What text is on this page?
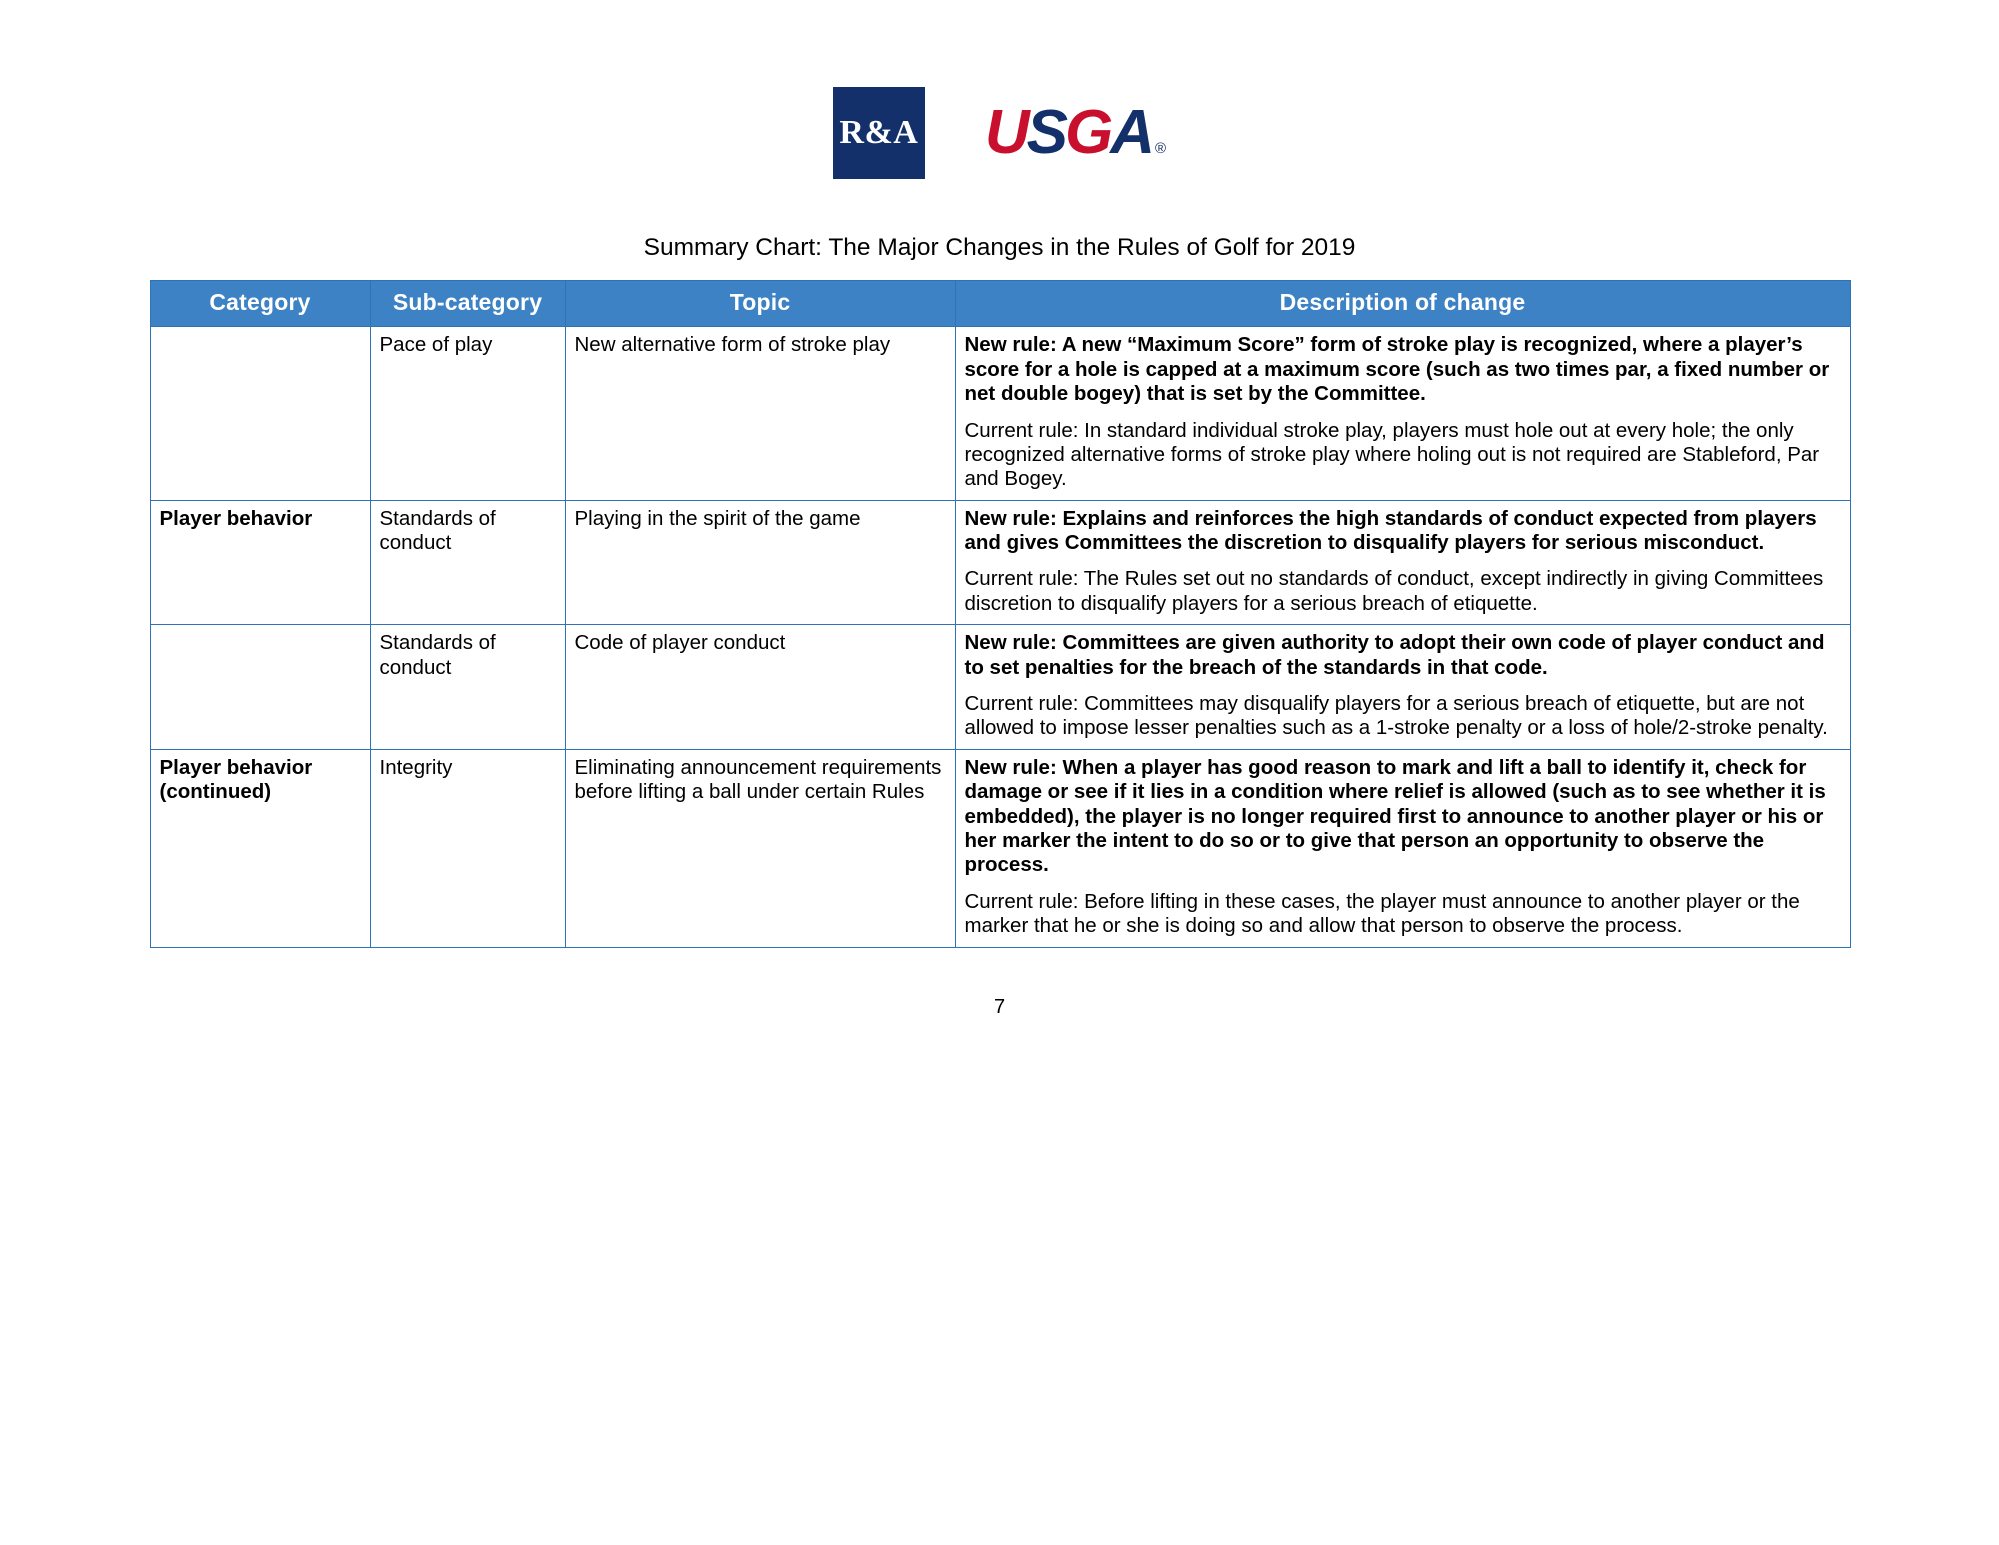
R&A U S G A ®
Summary Chart: The Major Changes in the Rules of Golf for 2019
Category	Sub-category	Topic	Description of change
	Pace of play	New alternative form of stroke play	New rule: A new “Maximum Score” form of stroke play is recognized, where a player’s score for a hole is capped at a maximum score (such as two times par, a fixed number or net double bogey) that is set by the Committee.

Current rule: In standard individual stroke play, players must hole out at every hole; the only recognized alternative forms of stroke play where holing out is not required are Stableford, Par and Bogey.

Player behavior	Standards of conduct	Playing in the spirit of the game	New rule: Explains and reinforces the high standards of conduct expected from players and gives Committees the discretion to disqualify players for serious misconduct.

Current rule: The Rules set out no standards of conduct, except indirectly in giving Committees discretion to disqualify players for a serious breach of etiquette.

	Standards of conduct	Code of player conduct	New rule: Committees are given authority to adopt their own code of player conduct and to set penalties for the breach of the standards in that code.

Current rule: Committees may disqualify players for a serious breach of etiquette, but are not allowed to impose lesser penalties such as a 1-stroke penalty or a loss of hole/2-stroke penalty.

Player behavior (continued)	Integrity	Eliminating announcement requirements before lifting a ball under certain Rules	New rule: When a player has good reason to mark and lift a ball to identify it, check for damage or see if it lies in a condition where relief is allowed (such as to see whether it is embedded), the player is no longer required first to announce to another player or his or her marker the intent to do so or to give that person an opportunity to observe the process.

Current rule: Before lifting in these cases, the player must announce to another player or the marker that he or she is doing so and allow that person to observe the process.

7
